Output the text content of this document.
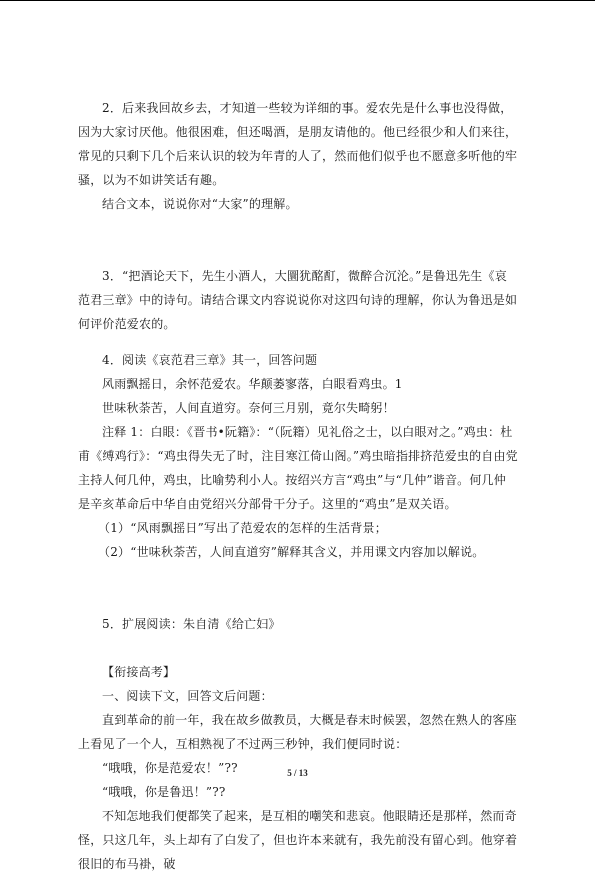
2．后来我回故乡去，才知道一些较为详细的事。爱农先是什么事也没得做，因为大家讨厌他。他很困难，但还喝酒，是朋友请他的。他已经很少和人们来往，常见的只剩下几个后来认识的较为年青的人了，然而他们似乎也不愿意多听他的牢骚，以为不如讲笑话有趣。

结合文本，说说你对“大家”的理解。

3．“把酒论天下，先生小酒人，大圜犹酩酊，微醉合沉沦。”是鲁迅先生《哀范君三章》中的诗句。请结合课文内容说说你对这四句诗的理解，你认为鲁迅是如何评价范爱农的。

4．阅读《哀范君三章》其一，回答问题

风雨飘摇日，余怀范爱农。华颠萎寥落，白眼看鸡虫。1

世味秋荼苦，人间直道穷。奈何三月别，竟尔失畸躬！

注释 1：白眼：《晋书•阮籍》：“（阮籍）见礼俗之士，以白眼对之。”鸡虫：杜甫《缚鸡行》：“鸡虫得失无了时，注目寒江倚山阁。”鸡虫暗指排挤范爱虫的自由党主持人何几仲，鸡虫，比喻势利小人。按绍兴方言“鸡虫”与“几仲”谐音。何几仲是辛亥革命后中华自由党绍兴分部骨干分子。这里的“鸡虫”是双关语。

（1）“风雨飘摇日”写出了范爱农的怎样的生活背景；

（2）“世味秋荼苦，人间直道穷”解释其含义，并用课文内容加以解说。

5．扩展阅读：朱自清《给亡妇》

【衔接高考】

一、阅读下文，回答文后问题：

直到革命的前一年，我在故乡做教员，大概是春末时候罢，忽然在熟人的客座上看见了一个人，互相熟视了不过两三秒钟，我们便同时说：

“哦哦，你是范爱农！”??

“哦哦，你是鲁迅！”??

不知怎地我们便都笑了起来，是互相的嘲笑和悲哀。他眼睛还是那样，然而奇怪，只这几年，头上却有了白发了，但也许本来就有，我先前没有留心到。他穿着很旧的布马褂，破

5 / 13
